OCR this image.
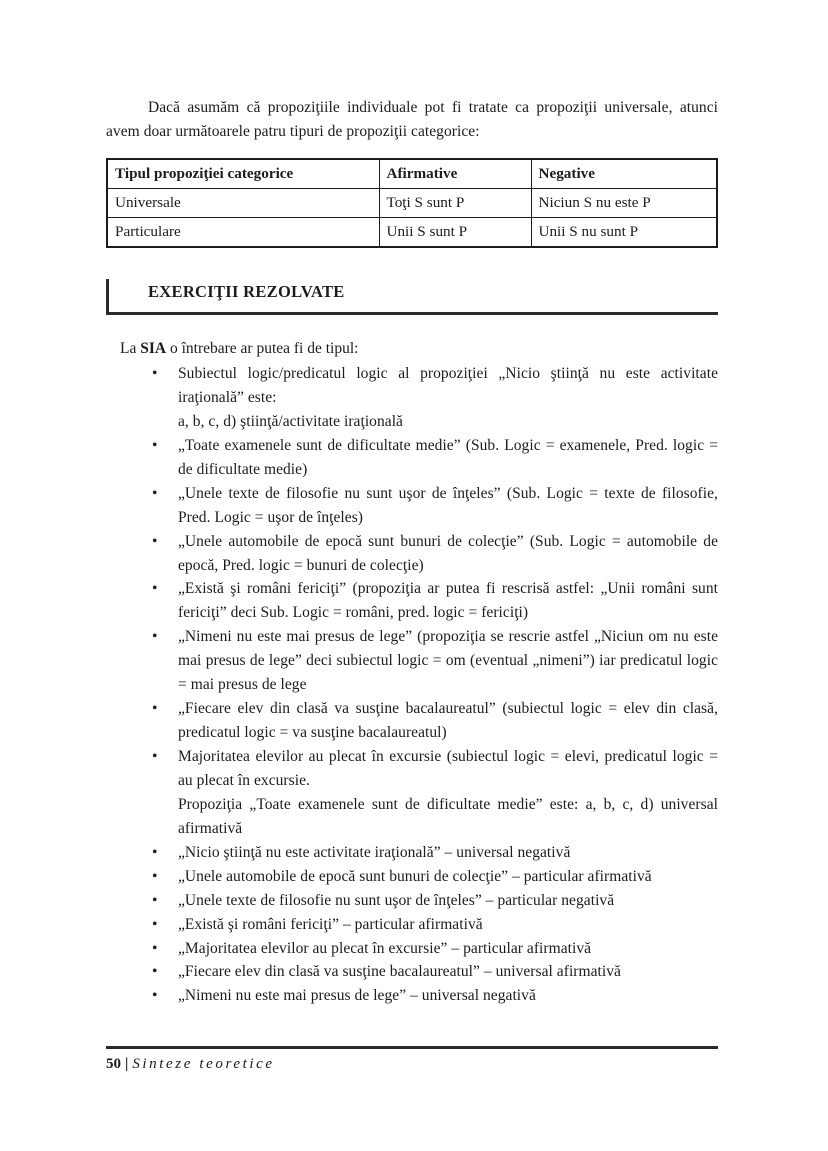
Dacă asumăm că propoziţiile individuale pot fi tratate ca propoziţii universale, atunci avem doar următoarele patru tipuri de propoziţii categorice:

Tipul propoziţiei categorice	Afirmative	Negative
Universale	Toţi S sunt P	Niciun S nu este P
Particulare	Unii S sunt P	Unii S nu sunt P
EXERCIŢII REZOLVATE

La SIA o întrebare ar putea fi de tipul:

• Subiectul logic/predicatul logic al propoziţiei „Nicio ştiinţă nu este activitate iraţională” este:
a, b, c, d) ştiinţă/activitate iraţională
• „Toate examenele sunt de dificultate medie” (Sub. Logic = examenele, Pred. logic = de dificultate medie)
• „Unele texte de filosofie nu sunt uşor de înţeles” (Sub. Logic = texte de filosofie, Pred. Logic = uşor de înţeles)
• „Unele automobile de epocă sunt bunuri de colecţie” (Sub. Logic = automobile de epocă, Pred. logic = bunuri de colecţie)
• „Există şi români fericiţi” (propoziţia ar putea fi rescrisă astfel: „Unii români sunt fericiţi” deci Sub. Logic = români, pred. logic = fericiţi)
• „Nimeni nu este mai presus de lege” (propoziţia se rescrie astfel „Niciun om nu este mai presus de lege” deci subiectul logic = om (eventual „nimeni”) iar predicatul logic = mai presus de lege
• „Fiecare elev din clasă va susţine bacalaureatul” (subiectul logic = elev din clasă, predicatul logic = va susţine bacalaureatul)
• Majoritatea elevilor au plecat în excursie (subiectul logic = elevi, predicatul logic = au plecat în excursie.
Propoziţia „Toate examenele sunt de dificultate medie” este: a, b, c, d) universal afirmativă
• „Nicio ştiinţă nu este activitate iraţională” – universal negativă
• „Unele automobile de epocă sunt bunuri de colecţie” – particular afirmativă
• „Unele texte de filosofie nu sunt uşor de înţeles” – particular negativă
• „Există şi români fericiţi” – particular afirmativă
• „Majoritatea elevilor au plecat în excursie” – particular afirmativă
• „Fiecare elev din clasă va susţine bacalaureatul” – universal afirmativă
• „Nimeni nu este mai presus de lege” – universal negativă
50 | Sinteze teoretice
